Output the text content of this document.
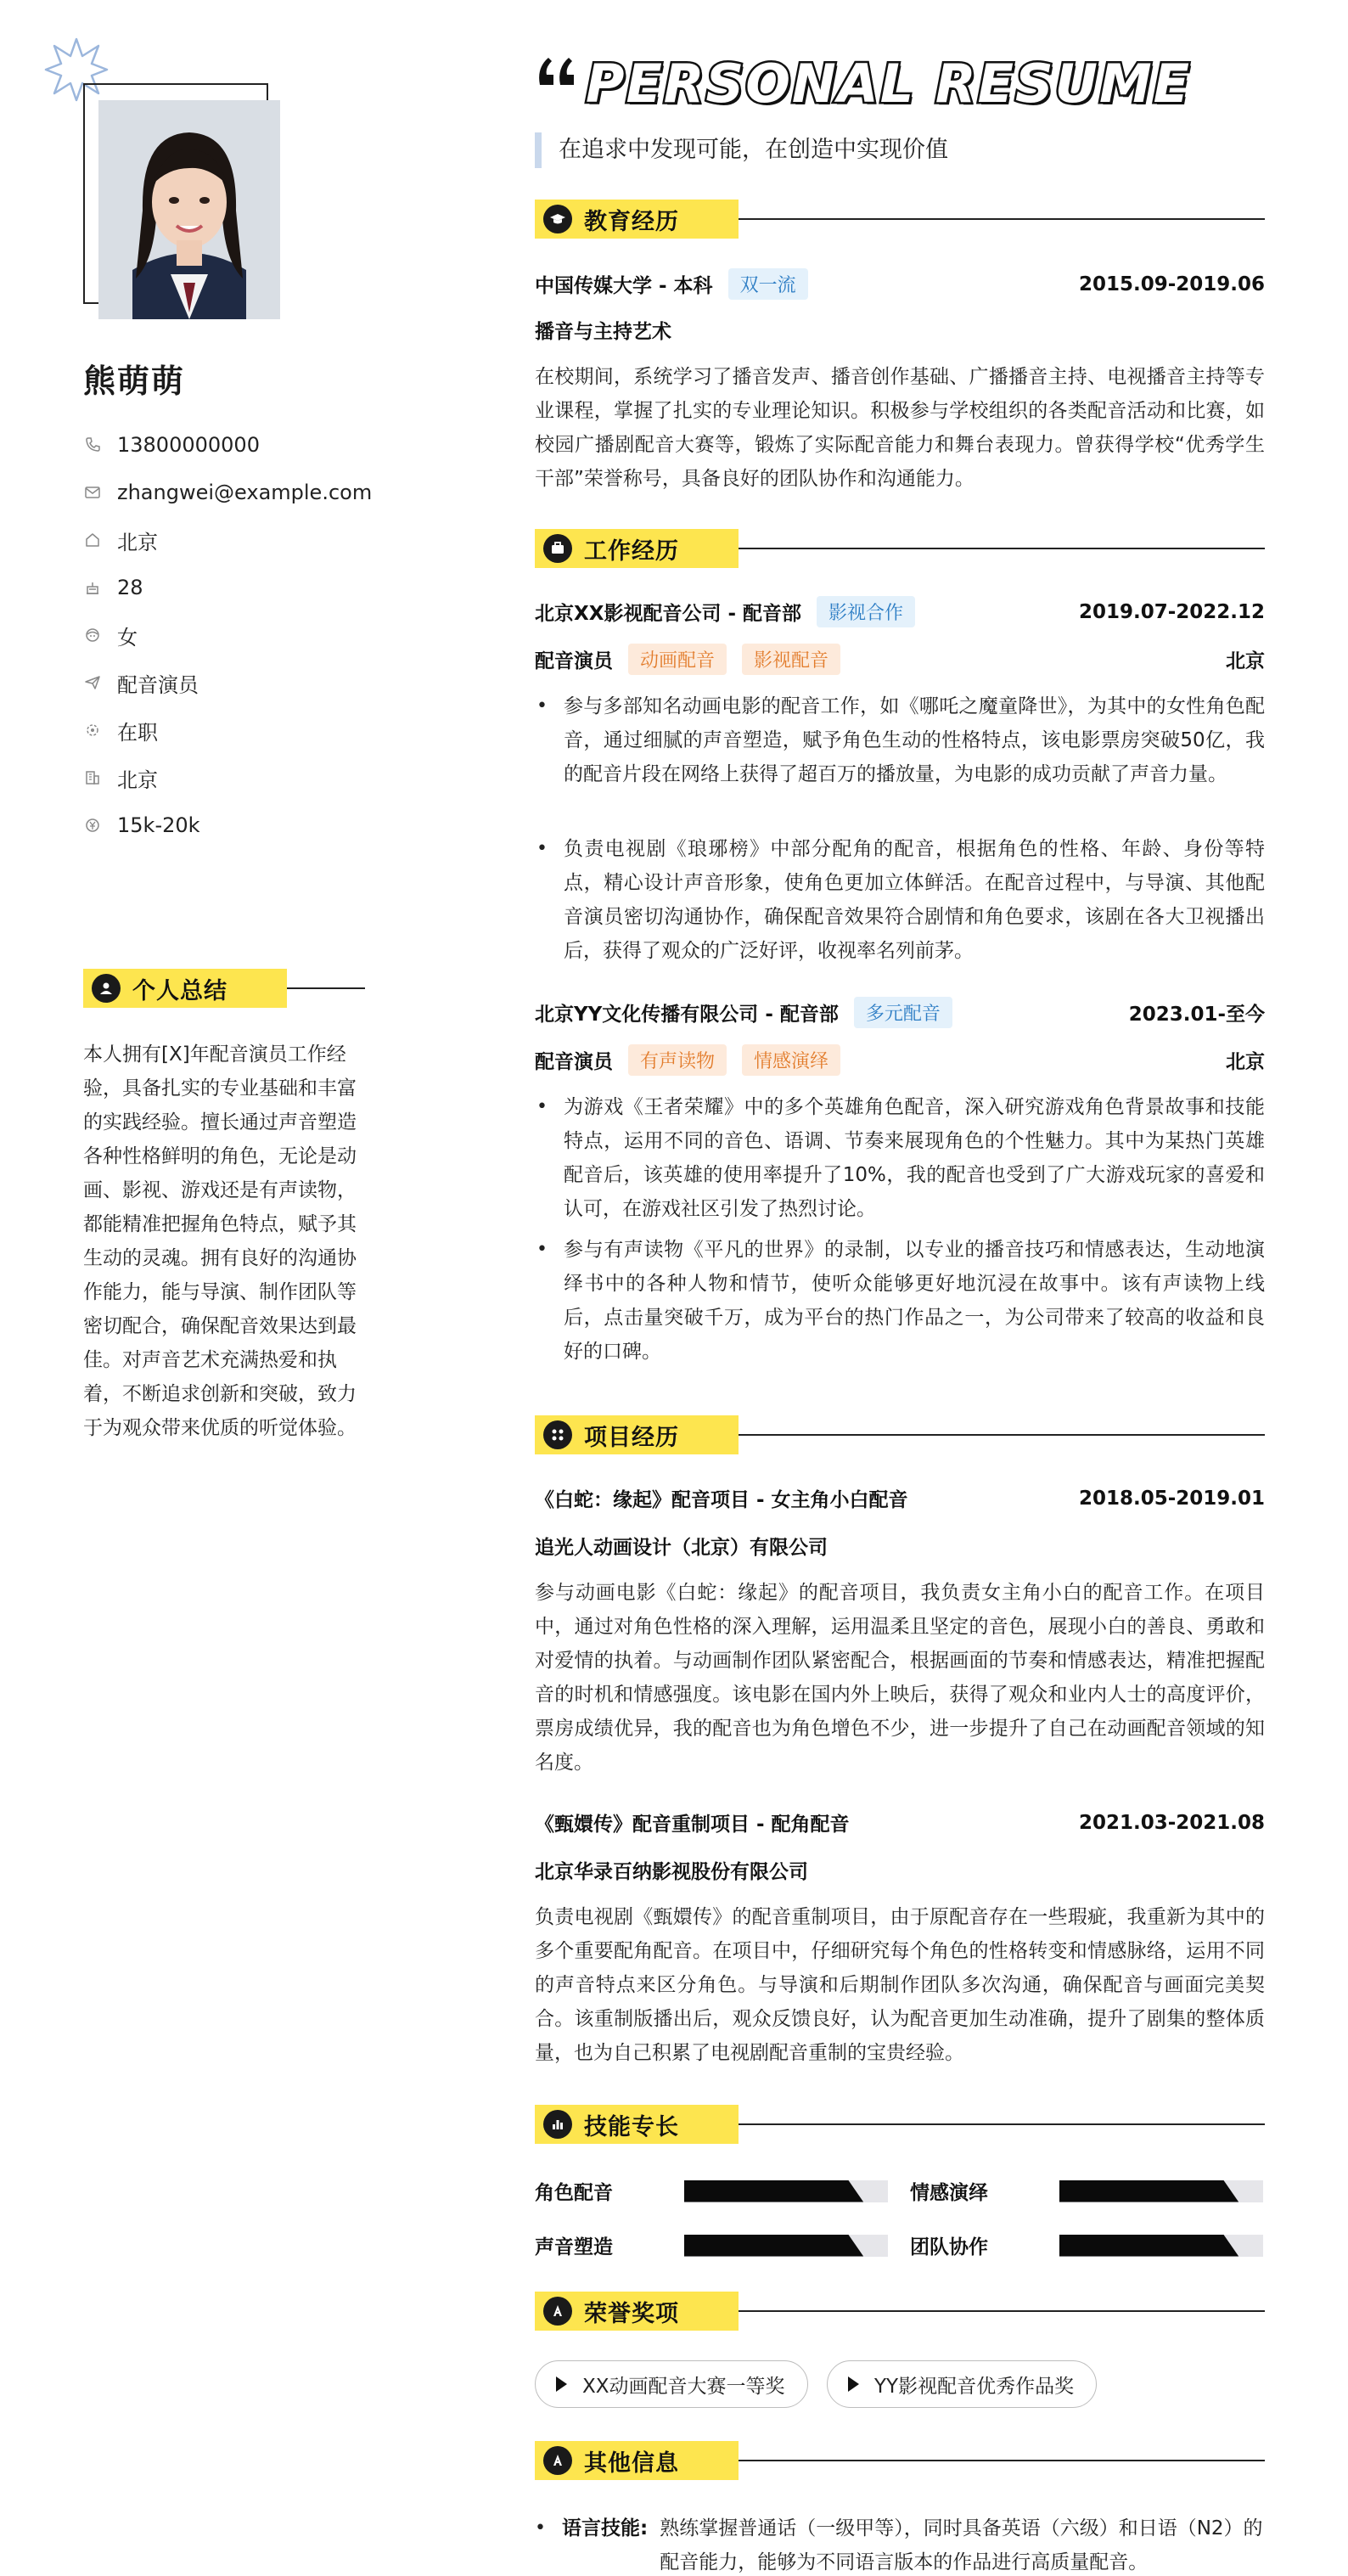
熊萌萌
13800000000
zhangwei@example.com
北京
28
女
配音演员
在职
北京
15k-20k
个人总结
本人拥有[X]年配音演员工作经验，具备扎实的专业基础和丰富的实践经验。擅长通过声音塑造各种性格鲜明的角色，无论是动画、影视、游戏还是有声读物，都能精准把握角色特点，赋予其生动的灵魂。拥有良好的沟通协作能力，能与导演、制作团队等密切配合，确保配音效果达到最佳。对声音艺术充满热爱和执着，不断追求创新和突破，致力于为观众带来优质的听觉体验。
PERSONAL RESUME
在追求中发现可能，在创造中实现价值
教育经历
中国传媒大学 - 本科	双一流	2015.09-2019.06
播音与主持艺术
在校期间，系统学习了播音发声、播音创作基础、广播播音主持、电视播音主持等专业课程，掌握了扎实的专业理论知识。积极参与学校组织的各类配音活动和比赛，如校园广播剧配音大赛等，锻炼了实际配音能力和舞台表现力。曾获得学校“优秀学生干部”荣誉称号，具备良好的团队协作和沟通能力。
工作经历
北京XX影视配音公司 - 配音部	影视合作	2019.07-2022.12
配音演员	动画配音	影视配音	北京
• 参与多部知名动画电影的配音工作，如《哪吒之魔童降世》，为其中的女性角色配音，通过细腻的声音塑造，赋予角色生动的性格特点，该电影票房突破50亿，我的配音片段在网络上获得了超百万的播放量，为电影的成功贡献了声音力量。
• 负责电视剧《琅琊榜》中部分配角的配音，根据角色的性格、年龄、身份等特点，精心设计声音形象，使角色更加立体鲜活。在配音过程中，与导演、其他配音演员密切沟通协作，确保配音效果符合剧情和角色要求，该剧在各大卫视播出后，获得了观众的广泛好评，收视率名列前茅。
北京YY文化传播有限公司 - 配音部	多元配音	2023.01-至今
配音演员	有声读物	情感演绎	北京
• 为游戏《王者荣耀》中的多个英雄角色配音，深入研究游戏角色背景故事和技能特点，运用不同的音色、语调、节奏来展现角色的个性魅力。其中为某热门英雄配音后，该英雄的使用率提升了10%，我的配音也受到了广大游戏玩家的喜爱和认可，在游戏社区引发了热烈讨论。
• 参与有声读物《平凡的世界》的录制，以专业的播音技巧和情感表达，生动地演绎书中的各种人物和情节，使听众能够更好地沉浸在故事中。该有声读物上线后，点击量突破千万，成为平台的热门作品之一，为公司带来了较高的收益和良好的口碑。
项目经历
《白蛇：缘起》配音项目 - 女主角小白配音	2018.05-2019.01
追光人动画设计（北京）有限公司
参与动画电影《白蛇：缘起》的配音项目，我负责女主角小白的配音工作。在项目中，通过对角色性格的深入理解，运用温柔且坚定的音色，展现小白的善良、勇敢和对爱情的执着。与动画制作团队紧密配合，根据画面的节奏和情感表达，精准把握配音的时机和情感强度。该电影在国内外上映后，获得了观众和业内人士的高度评价，票房成绩优异，我的配音也为角色增色不少，进一步提升了自己在动画配音领域的知名度。
《甄嬛传》配音重制项目 - 配角配音	2021.03-2021.08
北京华录百纳影视股份有限公司
负责电视剧《甄嬛传》的配音重制项目，由于原配音存在一些瑕疵，我重新为其中的多个重要配角配音。在项目中，仔细研究每个角色的性格转变和情感脉络，运用不同的声音特点来区分角色。与导演和后期制作团队多次沟通，确保配音与画面完美契合。该重制版播出后，观众反馈良好，认为配音更加生动准确，提升了剧集的整体质量，也为自己积累了电视剧配音重制的宝贵经验。
技能专长
角色配音	情感演绎
声音塑造	团队协作
荣誉奖项
XX动画配音大赛一等奖	YY影视配音优秀作品奖
其他信息
• 语言技能: 熟练掌握普通话（一级甲等），同时具备英语（六级）和日语（N2）的配音能力，能够为不同语言版本的作品进行高质量配音。
